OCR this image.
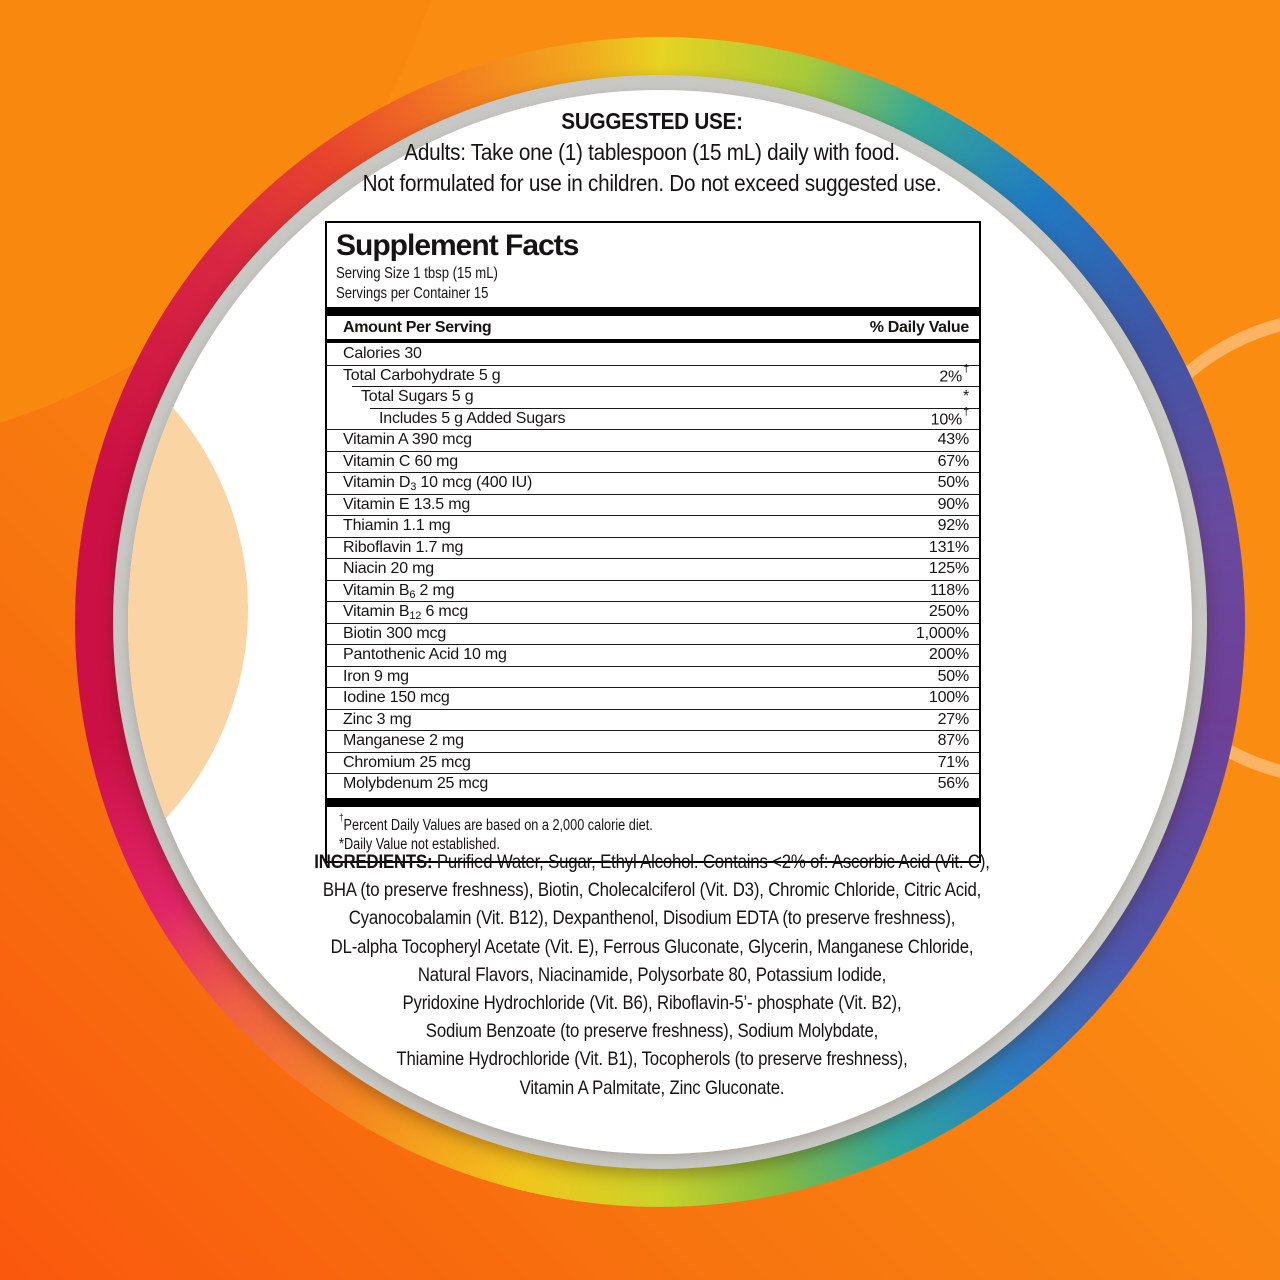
SUGGESTED USE:
Adults: Take one (1) tablespoon (15 mL) daily with food.
Not formulated for use in children. Do not exceed suggested use.
Supplement Facts
Serving Size 1 tbsp (15 mL)
Servings per Container 15
Amount Per Serving	% Daily Value
Calories 30
Total Carbohydrate 5 g	2%†
Total Sugars 5 g	*
Includes 5 g Added Sugars	10%†
Vitamin A 390 mcg	43%
Vitamin C 60 mg	67%
Vitamin $D_3$ 10 mcg (400 IU)	50%
Vitamin E 13.5 mg	90%
Thiamin 1.1 mg	92%
Riboflavin 1.7 mg	131%
Niacin 20 mg	125%
Vitamin $B_6$ 2 mg	118%
Vitamin $B_{12}$ 6 mcg	250%
Biotin 300 mcg	1,000%
Pantothenic Acid 10 mg	200%
Iron 9 mg	50%
Iodine 150 mcg	100%
Zinc 3 mg	27%
Manganese 2 mg	87%
Chromium 25 mcg	71%
Molybdenum 25 mcg	56%
†Percent Daily Values are based on a 2,000 calorie diet.
*Daily Value not established.
INGREDIENTS: Purified Water, Sugar, Ethyl Alcohol. Contains <2% of: Ascorbic Acid (Vit. C),
BHA (to preserve freshness), Biotin, Cholecalciferol (Vit. D3), Chromic Chloride, Citric Acid,
Cyanocobalamin (Vit. B12), Dexpanthenol, Disodium EDTA (to preserve freshness),
DL-alpha Tocopheryl Acetate (Vit. E), Ferrous Gluconate, Glycerin, Manganese Chloride,
Natural Flavors, Niacinamide, Polysorbate 80, Potassium Iodide,
Pyridoxine Hydrochloride (Vit. B6), Riboflavin-5’- phosphate (Vit. B2),
Sodium Benzoate (to preserve freshness), Sodium Molybdate,
Thiamine Hydrochloride (Vit. B1), Tocopherols (to preserve freshness),
Vitamin A Palmitate, Zinc Gluconate.
